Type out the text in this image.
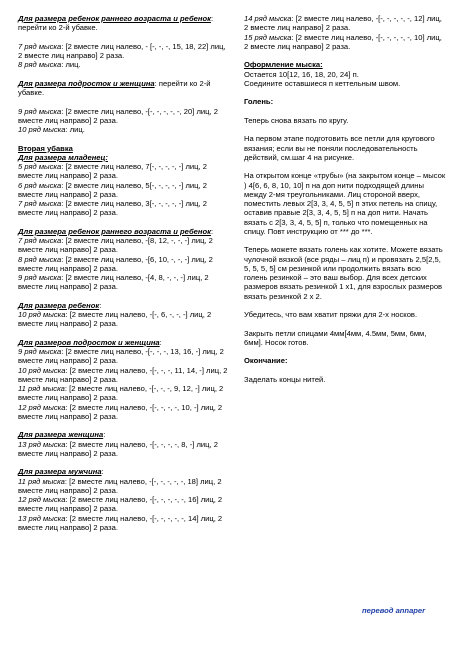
Для размера ребенок раннего возраста и ребенок: перейти ко 2-й убавке.

7 ряд мыска: [2 вместе лиц налево, - [-, -, -, 15, 18, 22] лиц, 2 вместе лиц направо] 2 раза.

8 ряд мыска: лиц.

Для размера подросток и женщина: перейти ко 2-й убавке.

9 ряд мыска: [2 вместе лиц налево, -[-, -, -, -, -, 20] лиц, 2 вместе лиц направо] 2 раза.

10 ряд мыска: лиц.

Вторая убавка

Для размера младенец:

5 ряд мыска: [2 вместе лиц налево, 7[-, -, -, -, -] лиц, 2 вместе лиц направо] 2 раза.

6 ряд мыска: [2 вместе лиц налево, 5[-, -, -, -, -] лиц, 2 вместе лиц направо] 2 раза.

7 ряд мыска: [2 вместе лиц налево, 3[-, -, -, -, -] лиц, 2 вместе лиц направо] 2 раза.

Для размера ребенок раннего возраста и ребенок:

7 ряд мыска: [2 вместе лиц налево, -[8, 12, -, -, -] лиц, 2 вместе лиц направо] 2 раза.

8 ряд мыска: [2 вместе лиц налево, -[6, 10, -, -, -] лиц, 2 вместе лиц направо] 2 раза.

9 ряд мыска: [2 вместе лиц налево, -[4, 8, -, -, -] лиц, 2 вместе лиц направо] 2 раза.

Для размера ребенок:

10 ряд мыска: [2 вместе лиц налево, -[-, 6, -, -, -] лиц, 2 вместе лиц направо] 2 раза.

Для размеров подросток и женщина:

9 ряд мыска: [2 вместе лиц налево, -[-, -, -, 13, 16, -] лиц, 2 вместе лиц направо] 2 раза.

10 ряд мыска: [2 вместе лиц налево, -[-, -, -, 11, 14, -] лиц, 2 вместе лиц направо] 2 раза.

11 ряд мыска: [2 вместе лиц налево, -[-, -, -, 9, 12, -] лиц, 2 вместе лиц направо] 2 раза.

12 ряд мыска: [2 вместе лиц налево, -[-, -, -, -, 10, -] лиц, 2 вместе лиц направо] 2 раза.

Для размера женщина:

13 ряд мыска: [2 вместе лиц налево, -[-, -, -, -, 8, -] лиц, 2 вместе лиц направо] 2 раза.

Для размера мужчина:

11 ряд мыска: [2 вместе лиц налево, -[-, -, -, -, -, 18] лиц, 2 вместе лиц направо] 2 раза.

12 ряд мыска: [2 вместе лиц налево, -[-, -, -, -, -, 16] лиц, 2 вместе лиц направо] 2 раза.

13 ряд мыска: [2 вместе лиц налево, -[-, -, -, -, -, 14] лиц, 2 вместе лиц направо] 2 раза.

14 ряд мыска: [2 вместе лиц налево, -[-, -, -, -, -, 12] лиц, 2 вместе лиц направо] 2 раза.

15 ряд мыска: [2 вместе лиц налево, -[-, -, -, -, -, 10] лиц, 2 вместе лиц направо] 2 раза.

Оформление мыска:

Остается 10[12, 16, 18, 20, 24] п.

Соедините оставшиеся п кеттельным швом.

Голень:

Теперь снова вязать по кругу.

На первом этапе подготовить все петли для кругового вязания; если вы не поняли последовательность действий, см.шаг 4 на рисунке.

На открытом конце «трубы» (на закрытом конце – мысок ) 4[6, 6, 8, 10, 10] п на доп нити подходящей длины между 2-мя треугольниками. Лиц стороной вверх, поместить левых 2[3, 3, 4, 5, 5] п этих петель на спицу, оставив правые 2[3, 3, 4, 5, 5] п на доп нити. Начать вязать с 2[3, 3, 4, 5, 5] п, только что помещенных на спицу. Повт инструкцию от *** до ***.

Теперь можете вязать голень как хотите. Можете вязать чулочной вязкой (все ряды – лиц п) и провязать 2,5[2,5, 5, 5, 5, 5] см резинкой или продолжить вязать всю голень резинкой – это ваш выбор. Для всех детских размеров вязать резинкой 1 х1, для взрослых размеров вязать резинкой 2 х 2.

Убедитесь, что вам хватит пряжи для 2-х носков.

Закрыть петли спицами 4мм[4мм, 4.5мм, 5мм, 6мм, 6мм]. Носок готов.

Окончание:

Заделать концы нитей.

перевод annaper
